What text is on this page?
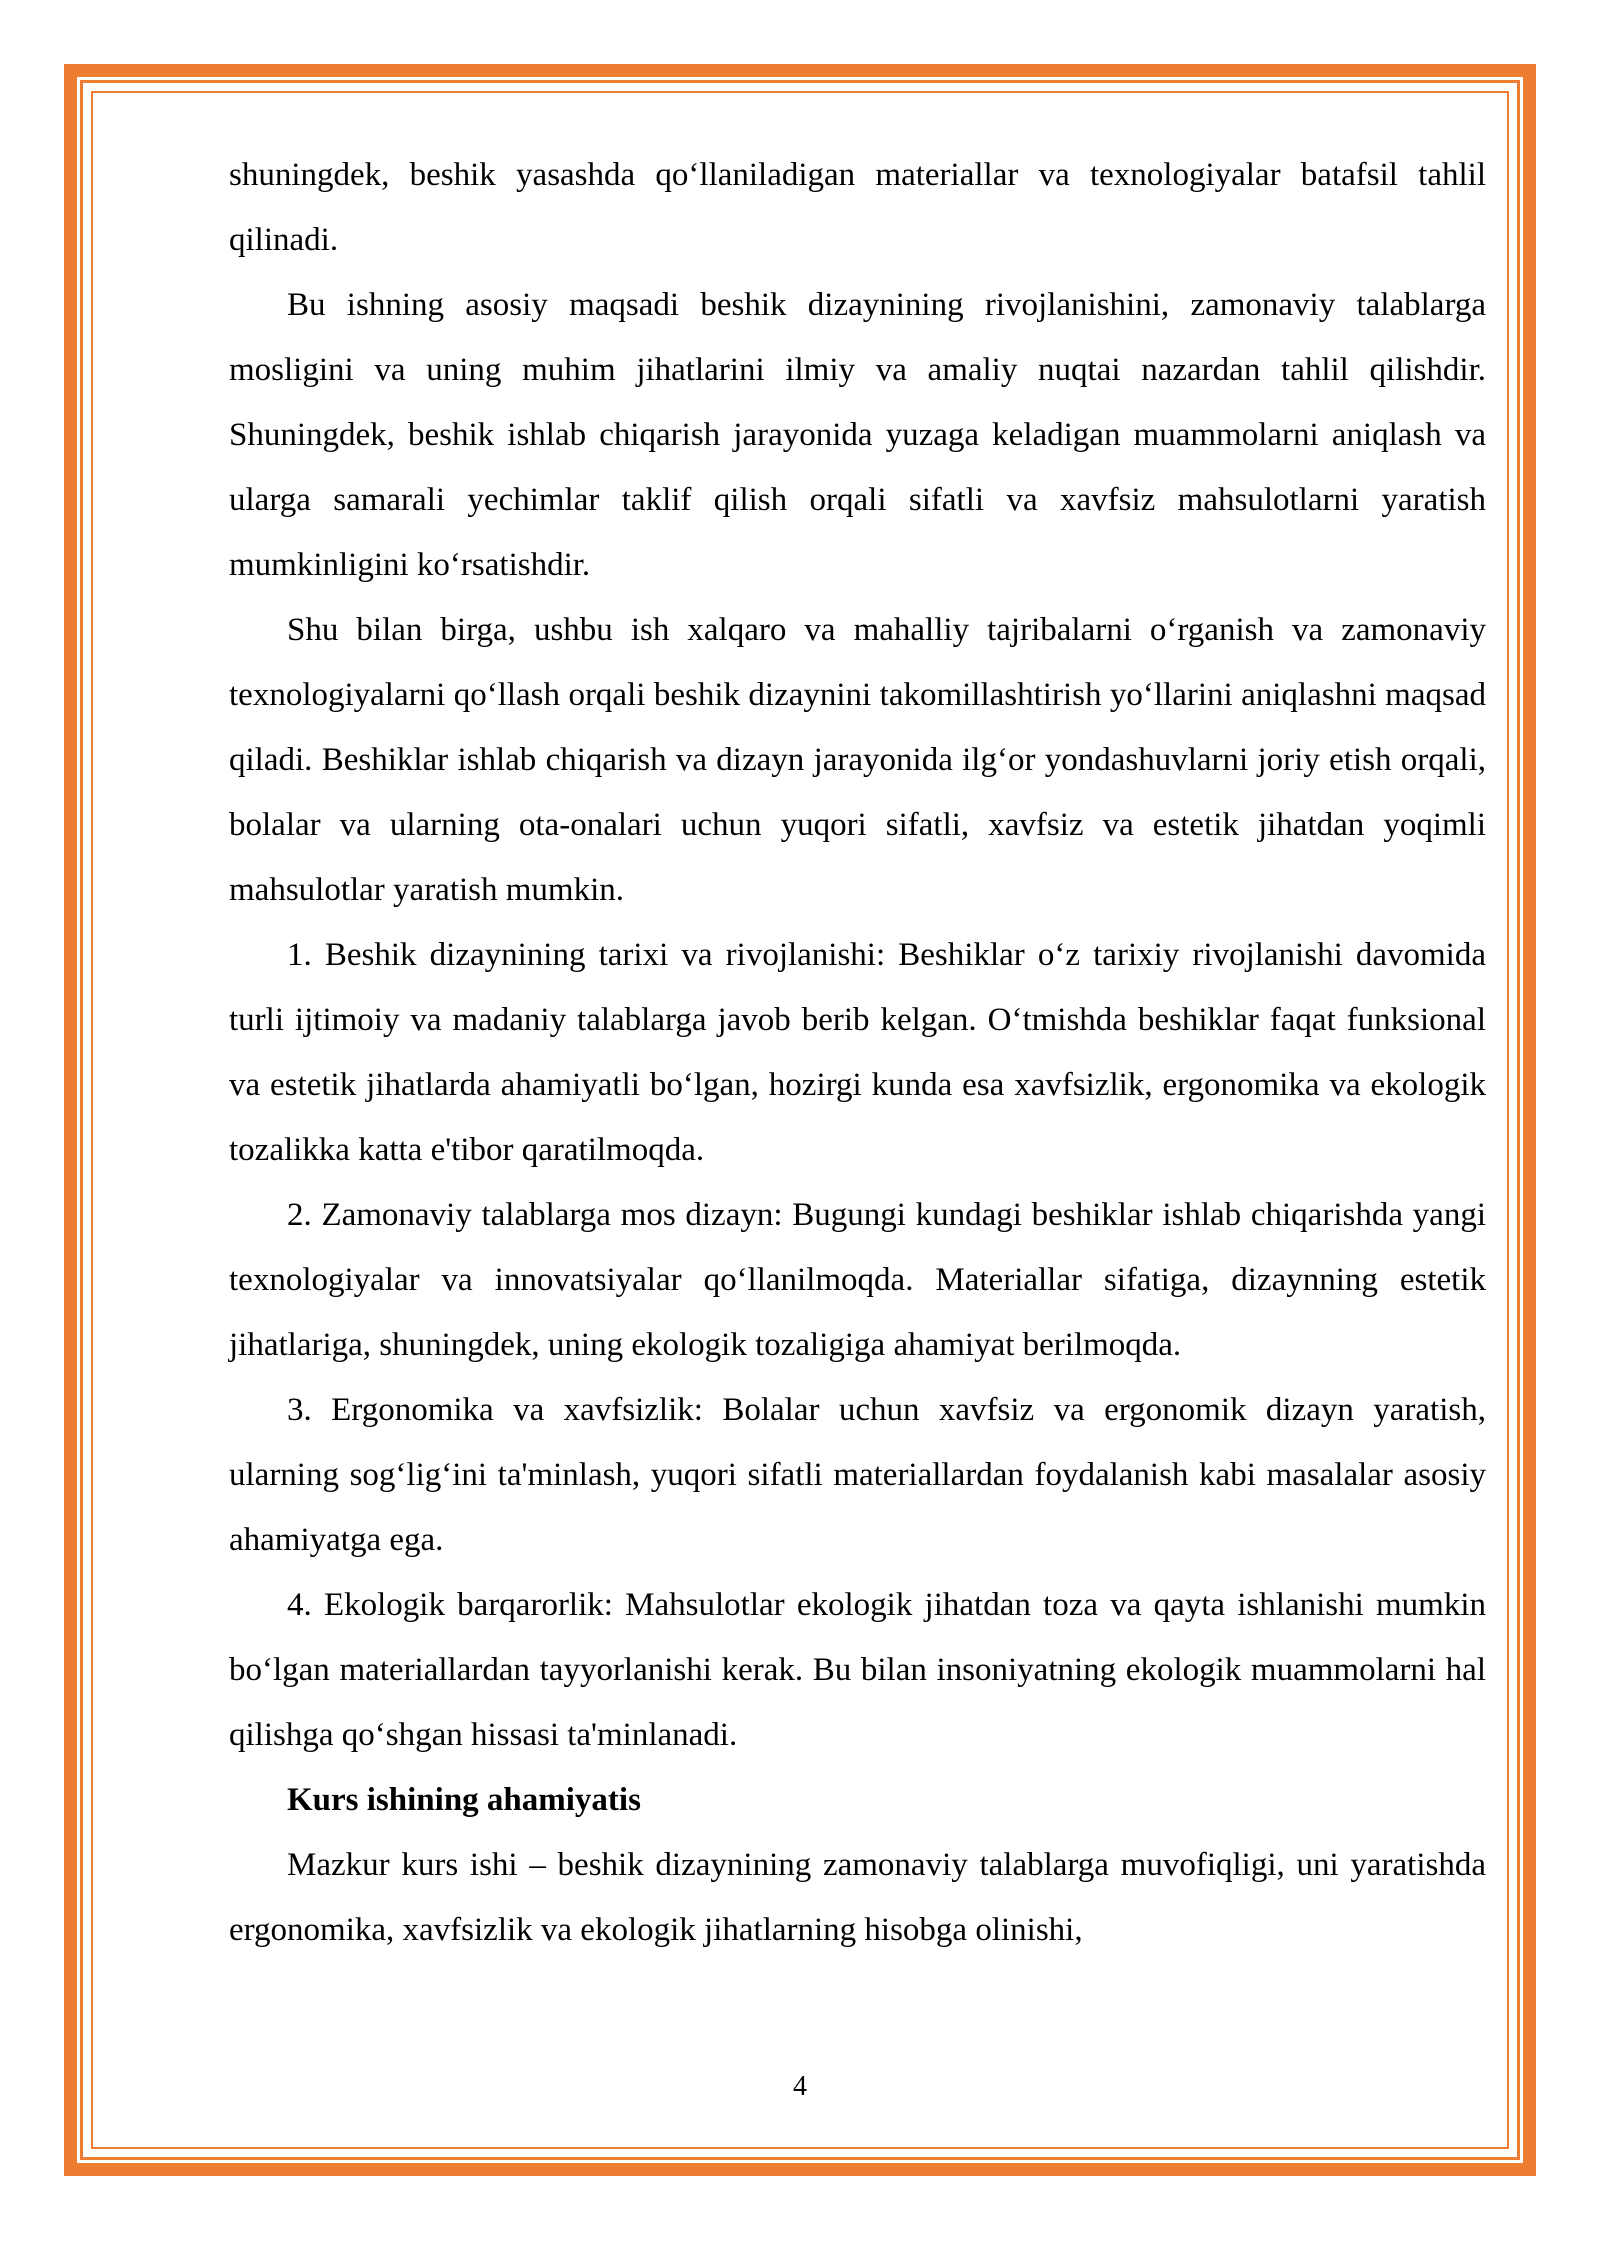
shuningdek, beshik yasashda qo‘llaniladigan materiallar va texnologiyalar batafsil tahlil qilinadi.

Bu ishning asosiy maqsadi beshik dizaynining rivojlanishini, zamonaviy talablarga mosligini va uning muhim jihatlarini ilmiy va amaliy nuqtai nazardan tahlil qilishdir. Shuningdek, beshik ishlab chiqarish jarayonida yuzaga keladigan muammolarni aniqlash va ularga samarali yechimlar taklif qilish orqali sifatli va xavfsiz mahsulotlarni yaratish mumkinligini ko‘rsatishdir.

Shu bilan birga, ushbu ish xalqaro va mahalliy tajribalarni o‘rganish va zamonaviy texnologiyalarni qo‘llash orqali beshik dizaynini takomillashtirish yo‘llarini aniqlashni maqsad qiladi. Beshiklar ishlab chiqarish va dizayn jarayonida ilg‘or yondashuvlarni joriy etish orqali, bolalar va ularning ota-onalari uchun yuqori sifatli, xavfsiz va estetik jihatdan yoqimli mahsulotlar yaratish mumkin.

1. Beshik dizaynining tarixi va rivojlanishi: Beshiklar o‘z tarixiy rivojlanishi davomida turli ijtimoiy va madaniy talablarga javob berib kelgan. O‘tmishda beshiklar faqat funksional va estetik jihatlarda ahamiyatli bo‘lgan, hozirgi kunda esa xavfsizlik, ergonomika va ekologik tozalikka katta e'tibor qaratilmoqda.

2. Zamonaviy talablarga mos dizayn: Bugungi kundagi beshiklar ishlab chiqarishda yangi texnologiyalar va innovatsiyalar qo‘llanilmoqda. Materiallar sifatiga, dizaynning estetik jihatlariga, shuningdek, uning ekologik tozaligiga ahamiyat berilmoqda.

3. Ergonomika va xavfsizlik: Bolalar uchun xavfsiz va ergonomik dizayn yaratish, ularning sog‘lig‘ini ta'minlash, yuqori sifatli materiallardan foydalanish kabi masalalar asosiy ahamiyatga ega.

4. Ekologik barqarorlik: Mahsulotlar ekologik jihatdan toza va qayta ishlanishi mumkin bo‘lgan materiallardan tayyorlanishi kerak. Bu bilan insoniyatning ekologik muammolarni hal qilishga qo‘shgan hissasi ta'minlanadi.

Kurs ishining ahamiyatis

Mazkur kurs ishi – beshik dizaynining zamonaviy talablarga muvofiqligi, uni yaratishda ergonomika, xavfsizlik va ekologik jihatlarning hisobga olinishi,

4
